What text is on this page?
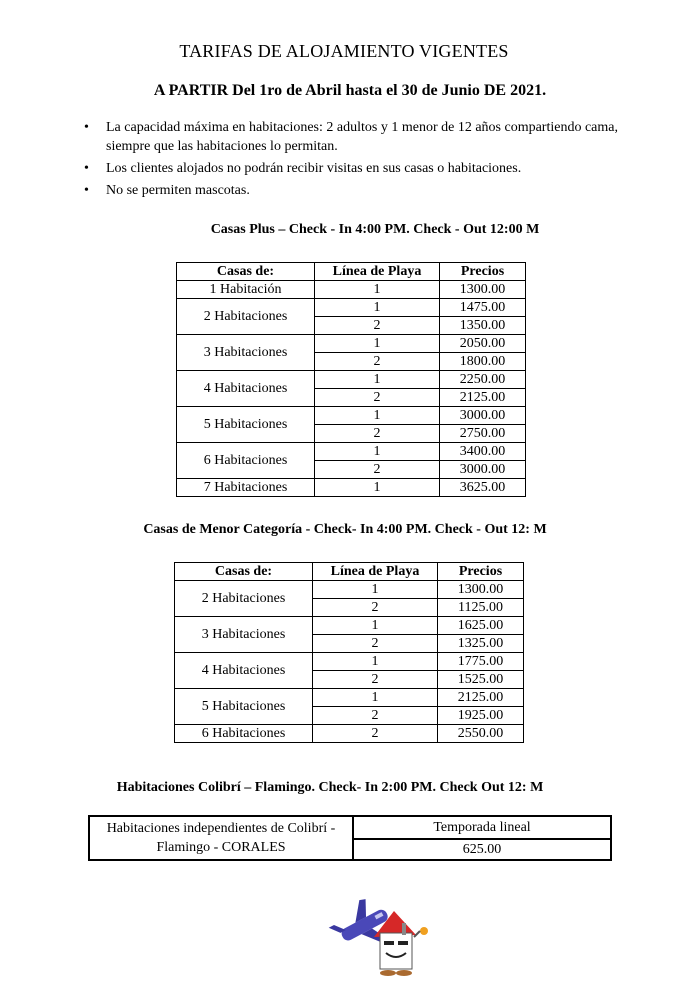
TARIFAS DE ALOJAMIENTO VIGENTES
A PARTIR Del 1ro de Abril hasta el 30 de Junio DE 2021.
• La capacidad máxima en habitaciones: 2 adultos y 1 menor de 12 años compartiendo cama, siempre que las habitaciones lo permitan.
• Los clientes alojados no podrán recibir visitas en sus casas o habitaciones.
• No se permiten mascotas.
Casas Plus – Check - In 4:00 PM. Check - Out 12:00 M
Casas de:	Línea de Playa	Precios
1 Habitación	1	1300.00
2 Habitaciones	1	1475.00
	2	1350.00
3 Habitaciones	1	2050.00
	2	1800.00
4 Habitaciones	1	2250.00
	2	2125.00
5 Habitaciones	1	3000.00
	2	2750.00
6 Habitaciones	1	3400.00
	2	3000.00
7 Habitaciones	1	3625.00
Casas de Menor Categoría - Check- In 4:00 PM. Check - Out 12: M
Casas de:	Línea de Playa	Precios
2 Habitaciones	1	1300.00
	2	1125.00
3 Habitaciones	1	1625.00
	2	1325.00
4 Habitaciones	1	1775.00
	2	1525.00
5 Habitaciones	1	2125.00
	2	1925.00
6 Habitaciones	2	2550.00
Habitaciones Colibrí – Flamingo. Check- In 2:00 PM. Check Out 12: M
Habitaciones independientes de Colibrí - Flamingo - CORALES	Temporada lineal
625.00
